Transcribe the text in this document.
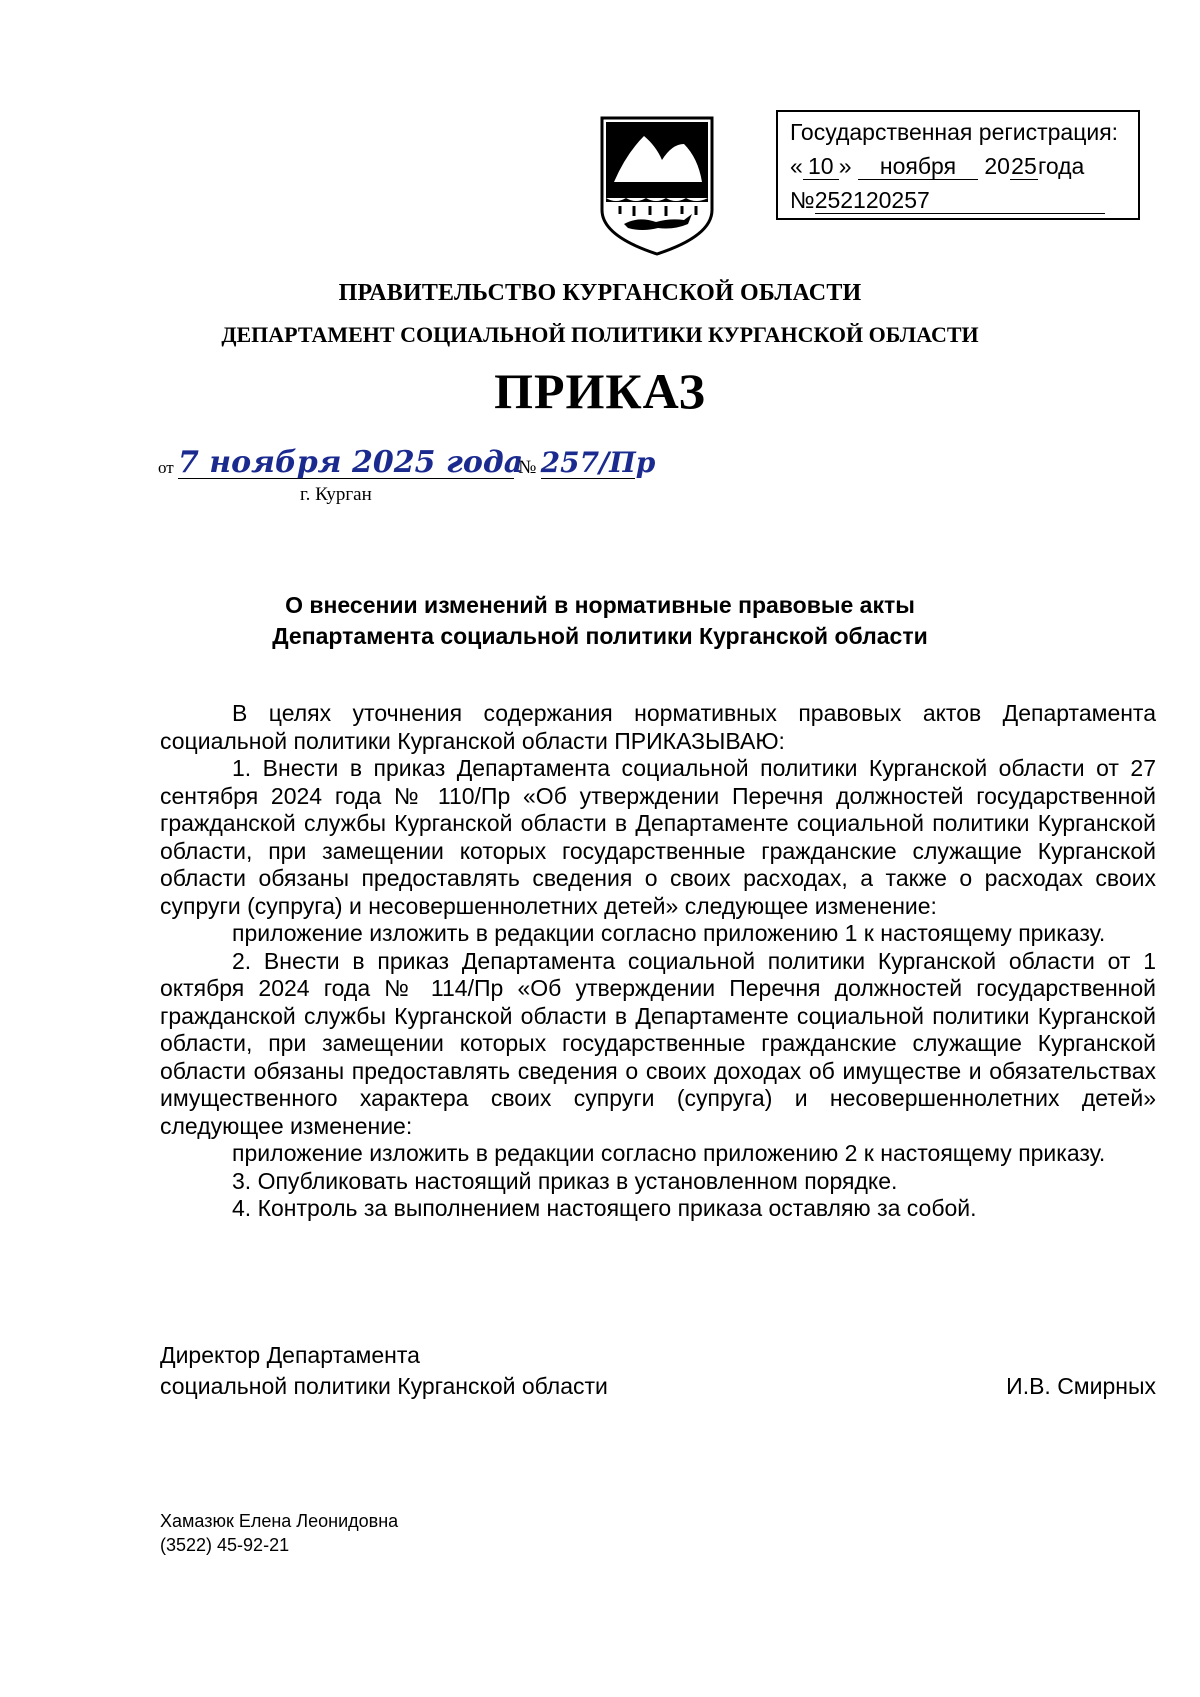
Государственная регистрация:
« 10 » ноября 2025года
№252120257
ПРАВИТЕЛЬСТВО КУРГАНСКОЙ ОБЛАСТИ
ДЕПАРТАМЕНТ СОЦИАЛЬНОЙ ПОЛИТИКИ КУРГАНСКОЙ ОБЛАСТИ
ПРИКАЗ
от 7 ноября 2025 года № 257/Пр
г. Курган
О внесении изменений в нормативные правовые акты
Департамента социальной политики Курганской области

В целях уточнения содержания нормативных правовых актов Департамента социальной политики Курганской области ПРИКАЗЫВАЮ:

1. Внести в приказ Департамента социальной политики Курганской области от 27 сентября 2024 года № 110/Пр «Об утверждении Перечня должностей государственной гражданской службы Курганской области в Департаменте социальной политики Курганской области, при замещении которых государственные гражданские служащие Курганской области обязаны предоставлять сведения о своих расходах, а также о расходах своих супруги (супруга) и несовершеннолетних детей» следующее изменение:

приложение изложить в редакции согласно приложению 1 к настоящему приказу.

2. Внести в приказ Департамента социальной политики Курганской области от 1 октября 2024 года № 114/Пр «Об утверждении Перечня должностей государственной гражданской службы Курганской области в Департаменте социальной политики Курганской области, при замещении которых государственные гражданские служащие Курганской области обязаны предоставлять сведения о своих доходах об имуществе и обязательствах имущественного характера своих супруги (супруга) и несовершеннолетних детей» следующее изменение:

приложение изложить в редакции согласно приложению 2 к настоящему приказу.

3. Опубликовать настоящий приказ в установленном порядке.

4. Контроль за выполнением настоящего приказа оставляю за собой.

Директор Департамента
социальной политики Курганской области	И.В. Смирных
Хамазюк Елена Леонидовна
(3522) 45-92-21
